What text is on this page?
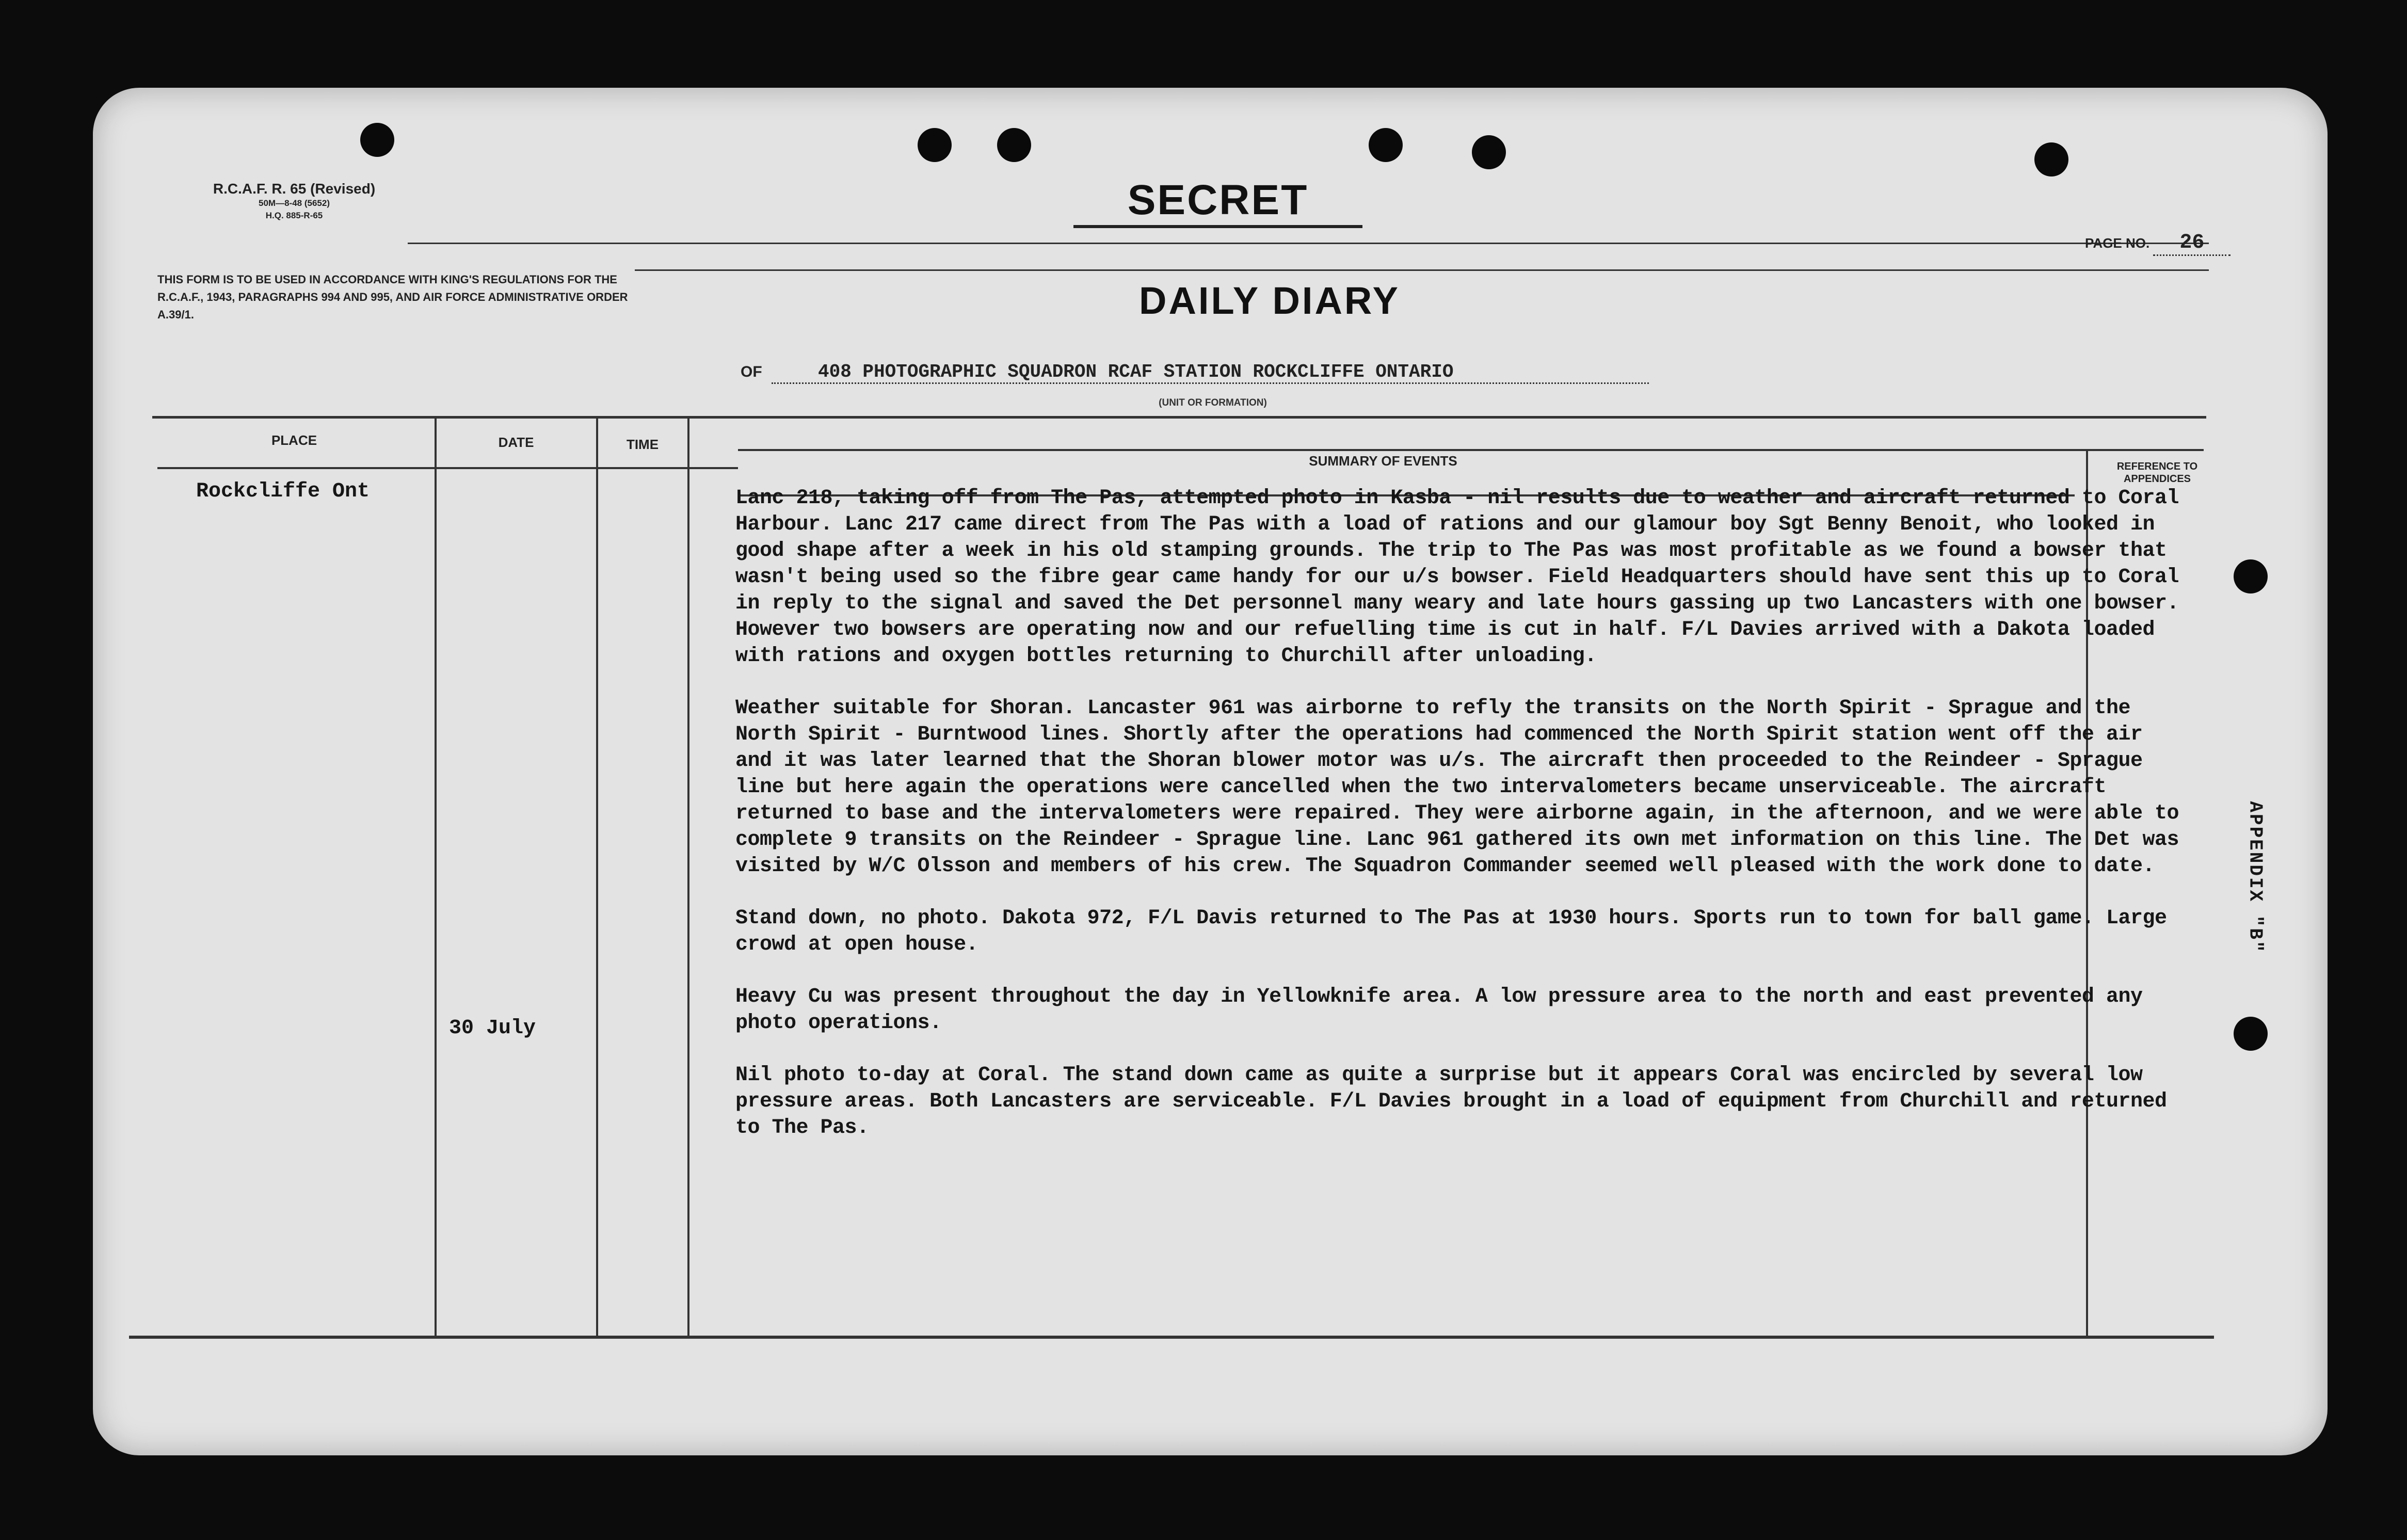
R.C.A.F. R. 65 (Revised)
50M—8-48 (5652)
H.Q. 885-R-65	SECRET
PAGE NO. 26
THIS FORM IS TO BE USED IN ACCORDANCE WITH KING'S REGULATIONS FOR THE R.C.A.F., 1943, PARAGRAPHS 994 AND 995, AND AIR FORCE ADMINISTRATIVE ORDER A.39/1.	DAILY DIARY
OF	408 PHOTOGRAPHIC SQUADRON RCAF STATION ROCKCLIFFE ONTARIO
(UNIT OR FORMATION)
PLACE	DATE	TIME
SUMMARY OF EVENTS	REFERENCE TO APPENDICES
Rockcliffe Ont
30 July

Lanc 218, taking off from The Pas, attempted photo in Kasba - nil results due to weather and aircraft returned to Coral Harbour. Lanc 217 came direct from The Pas with a load of rations and our glamour boy Sgt Benny Benoit, who looked in good shape after a week in his old stamping grounds. The trip to The Pas was most profitable as we found a bowser that wasn't being used so the fibre gear came handy for our u/s bowser. Field Headquarters should have sent this up to Coral in reply to the signal and saved the Det personnel many weary and late hours gassing up two Lancasters with one bowser. However two bowsers are operating now and our refuelling time is cut in half. F/L Davies arrived with a Dakota loaded with rations and oxygen bottles returning to Churchill after unloading.

Weather suitable for Shoran. Lancaster 961 was airborne to refly the transits on the North Spirit - Sprague and the North Spirit - Burntwood lines. Shortly after the operations had commenced the North Spirit station went off the air and it was later learned that the Shoran blower motor was u/s. The aircraft then proceeded to the Reindeer - Sprague line but here again the operations were cancelled when the two intervalometers became unserviceable. The aircraft returned to base and the intervalometers were repaired. They were airborne again, in the afternoon, and we were able to complete 9 transits on the Reindeer - Sprague line. Lanc 961 gathered its own met information on this line. The Det was visited by W/C Olsson and members of his crew. The Squadron Commander seemed well pleased with the work done to date.

Stand down, no photo. Dakota 972, F/L Davis returned to The Pas at 1930 hours. Sports run to town for ball game. Large crowd at open house.

Heavy Cu was present throughout the day in Yellowknife area. A low pressure area to the north and east prevented any photo operations.

Nil photo to-day at Coral. The stand down came as quite a surprise but it appears Coral was encircled by several low pressure areas. Both Lancasters are serviceable. F/L Davies brought in a load of equipment from Churchill and returned to The Pas.

APPENDIX "B"
